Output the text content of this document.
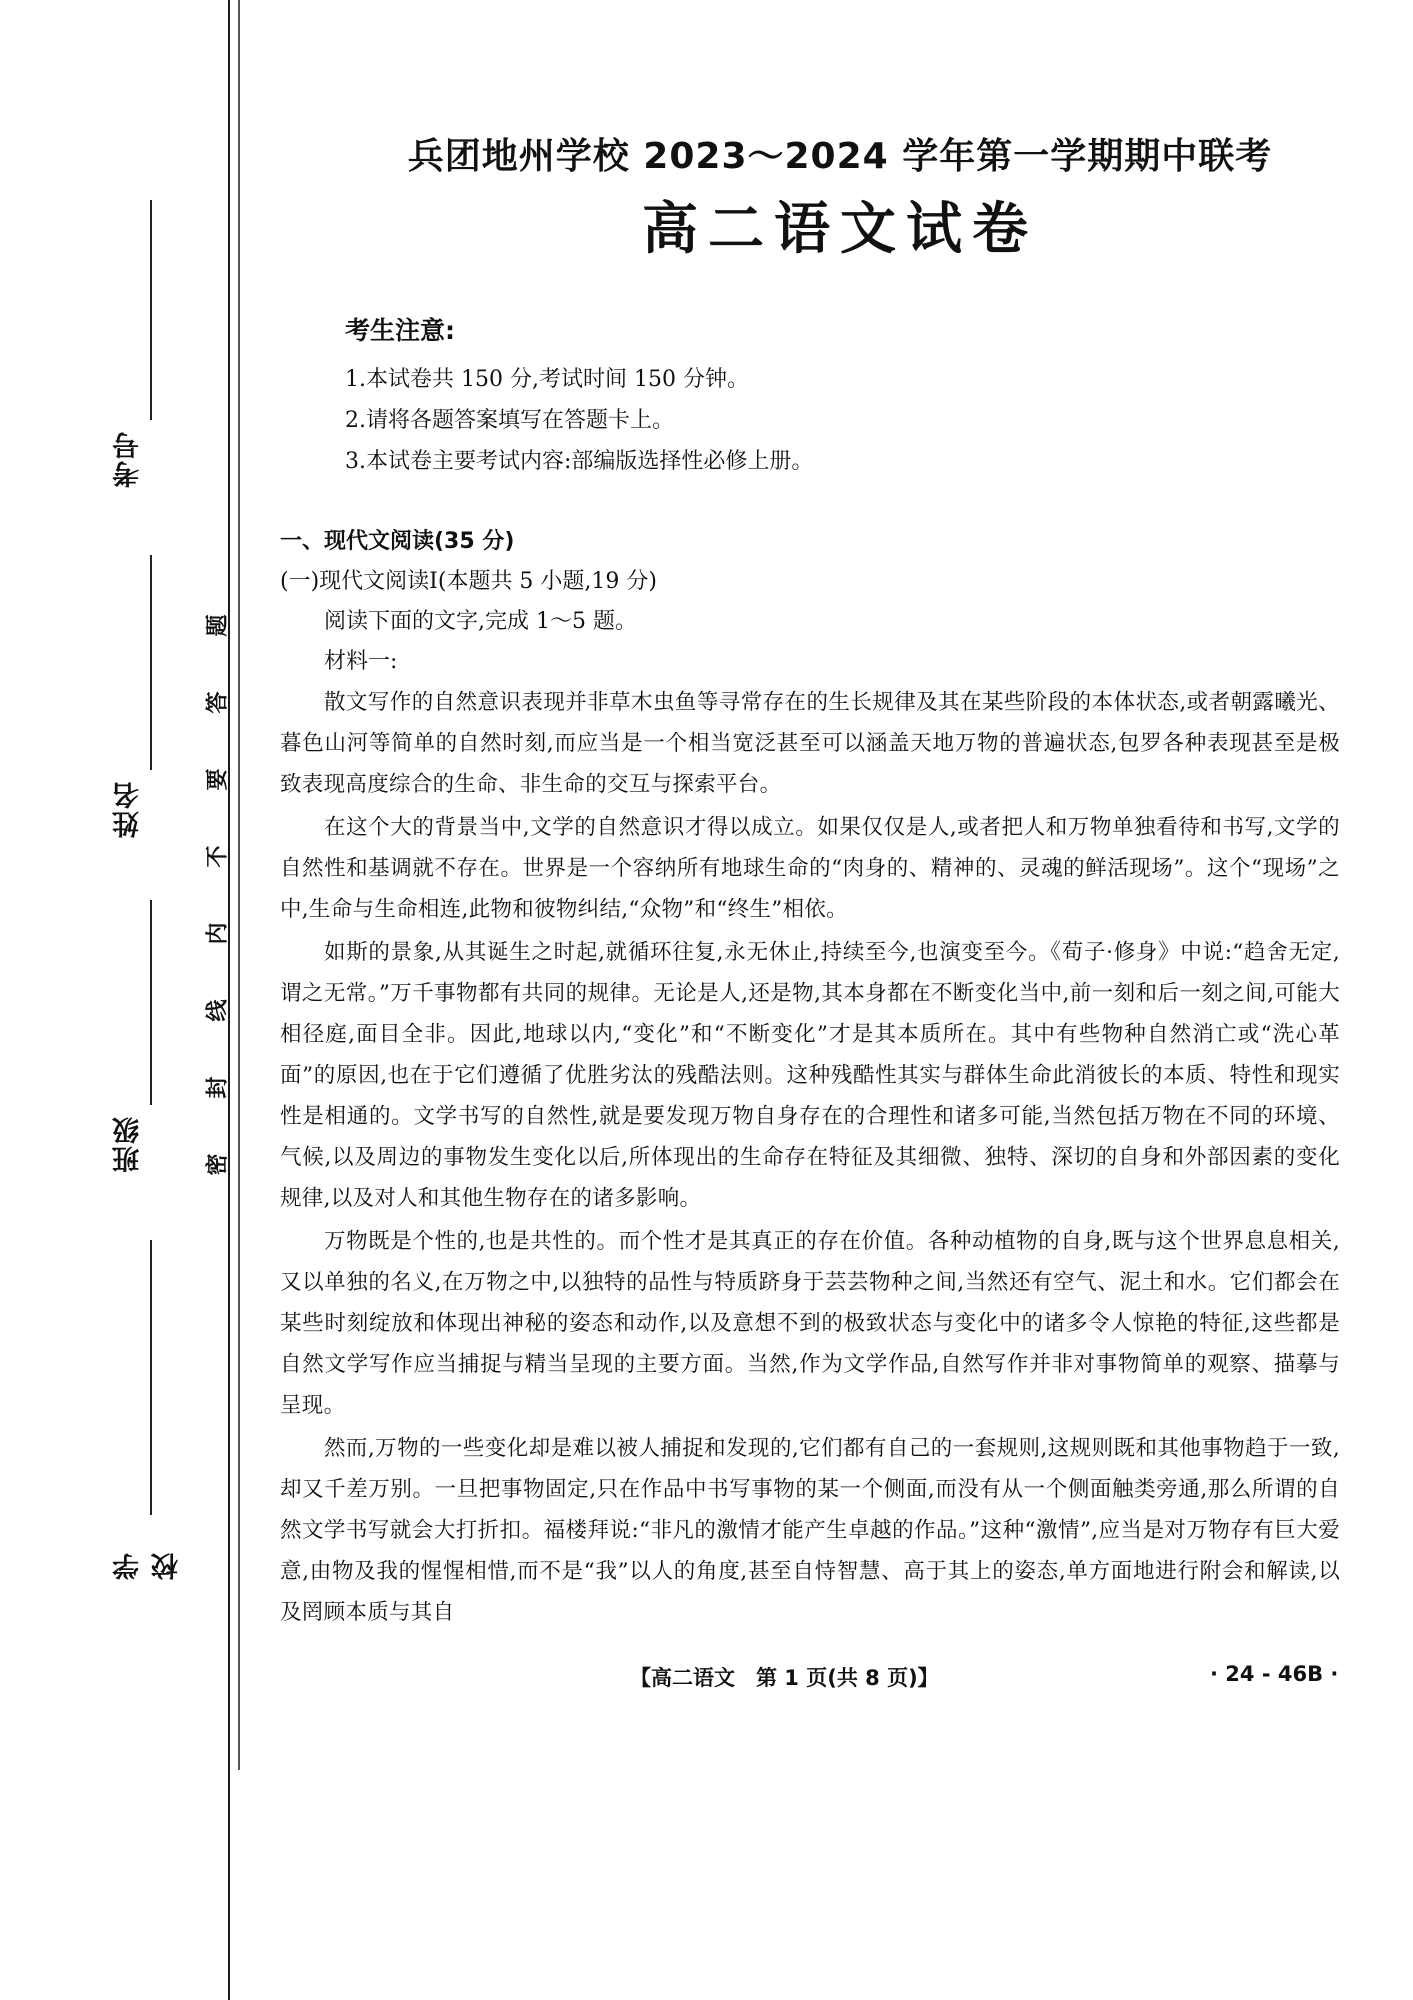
考号
姓名
班级
学校
题
答
要
不
内
线
封
密
兵团地州学校 2023～2024 学年第一学期期中联考
高二语文试卷
考生注意:
1.本试卷共 150 分,考试时间 150 分钟。
2.请将各题答案填写在答题卡上。
3.本试卷主要考试内容:部编版选择性必修上册。
一、现代文阅读(35 分)
(一)现代文阅读Ⅰ(本题共 5 小题,19 分)
阅读下面的文字,完成 1～5 题。
材料一:

散文写作的自然意识表现并非草木虫鱼等寻常存在的生长规律及其在某些阶段的本体状态,或者朝露曦光、暮色山河等简单的自然时刻,而应当是一个相当宽泛甚至可以涵盖天地万物的普遍状态,包罗各种表现甚至是极致表现高度综合的生命、非生命的交互与探索平台。

在这个大的背景当中,文学的自然意识才得以成立。如果仅仅是人,或者把人和万物单独看待和书写,文学的自然性和基调就不存在。世界是一个容纳所有地球生命的“肉身的、精神的、灵魂的鲜活现场”。这个“现场”之中,生命与生命相连,此物和彼物纠结,“众物”和“终生”相依。

如斯的景象,从其诞生之时起,就循环往复,永无休止,持续至今,也演变至今。《荀子·修身》中说:“趋舍无定,谓之无常。”万千事物都有共同的规律。无论是人,还是物,其本身都在不断变化当中,前一刻和后一刻之间,可能大相径庭,面目全非。因此,地球以内,“变化”和“不断变化”才是其本质所在。其中有些物种自然消亡或“洗心革面”的原因,也在于它们遵循了优胜劣汰的残酷法则。这种残酷性其实与群体生命此消彼长的本质、特性和现实性是相通的。文学书写的自然性,就是要发现万物自身存在的合理性和诸多可能,当然包括万物在不同的环境、气候,以及周边的事物发生变化以后,所体现出的生命存在特征及其细微、独特、深切的自身和外部因素的变化规律,以及对人和其他生物存在的诸多影响。

万物既是个性的,也是共性的。而个性才是其真正的存在价值。各种动植物的自身,既与这个世界息息相关,又以单独的名义,在万物之中,以独特的品性与特质跻身于芸芸物种之间,当然还有空气、泥土和水。它们都会在某些时刻绽放和体现出神秘的姿态和动作,以及意想不到的极致状态与变化中的诸多令人惊艳的特征,这些都是自然文学写作应当捕捉与精当呈现的主要方面。当然,作为文学作品,自然写作并非对事物简单的观察、描摹与呈现。

然而,万物的一些变化却是难以被人捕捉和发现的,它们都有自己的一套规则,这规则既和其他事物趋于一致,却又千差万别。一旦把事物固定,只在作品中书写事物的某一个侧面,而没有从一个侧面触类旁通,那么所谓的自然文学书写就会大打折扣。福楼拜说:“非凡的激情才能产生卓越的作品。”这种“激情”,应当是对万物存有巨大爱意,由物及我的惺惺相惜,而不是“我”以人的角度,甚至自恃智慧、高于其上的姿态,单方面地进行附会和解读,以及罔顾本质与其自

【高二语文　第 1 页(共 8 页)】	· 24 - 46B ·
